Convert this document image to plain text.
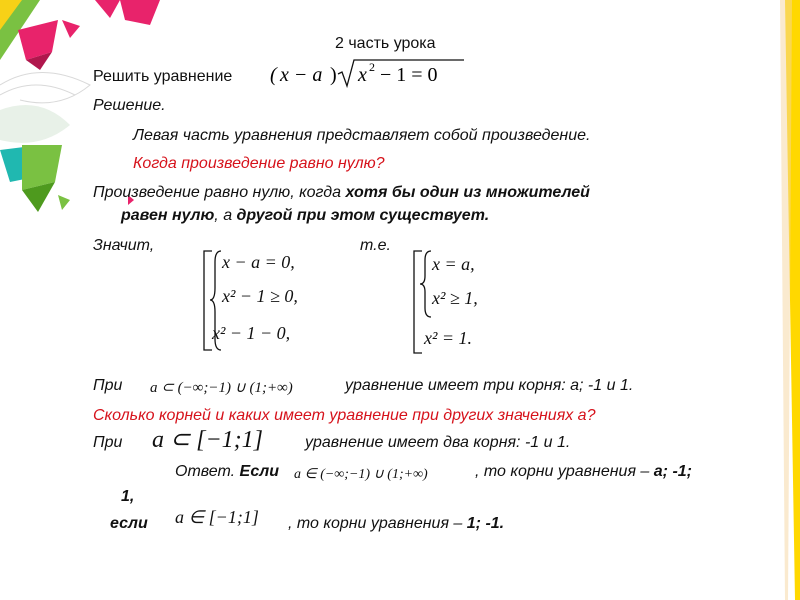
2 часть урока
Решить уравнение ( x − a ) x 2 − 1 = 0
Решение.
Левая часть уравнения представляет собой произведение.
Когда произведение равно нулю?
Произведение равно нулю, когда хотя бы один из множителей
равен нулю, а другой при этом существует.
Значит,	т.е.
x − a = 0,
x² − 1 ≥ 0,
x² − 1 − 0,
x = a,
x² ≥ 1,
x² = 1.
При a ⊂ (−∞;−1) ∪ (1;+∞)	уравнение имеет три корня: а; -1 и 1.
Сколько корней и каких имеет уравнение при других значениях а?
При a ⊂ [−1;1]	уравнение имеет два корня: -1 и 1.
Ответ. Если a ∈ (−∞;−1) ∪ (1;+∞)	, то корни уравнения – а; -1;
1,
если a ∈ [−1;1] , то корни уравнения – 1; -1.
